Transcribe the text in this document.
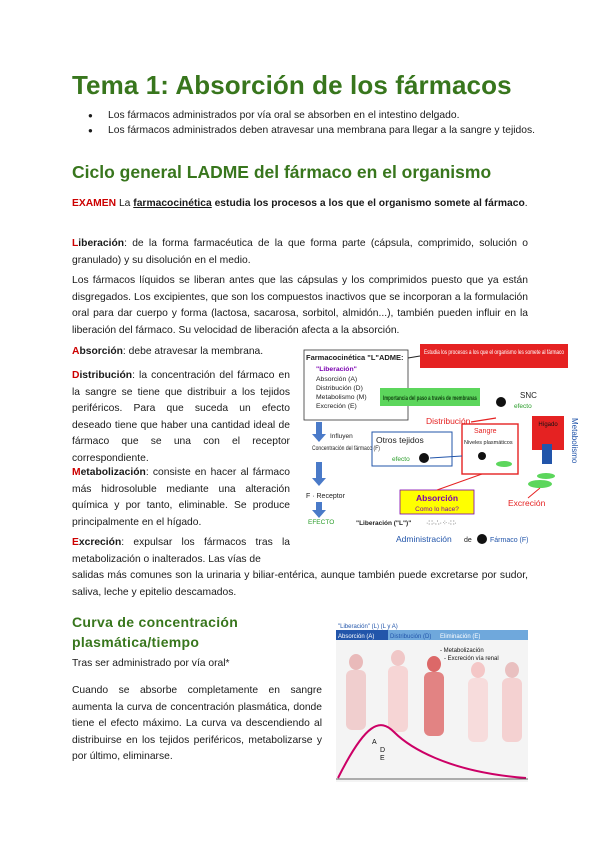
Tema 1: Absorción de los fármacos
● Los fármacos administrados por vía oral se absorben en el intestino delgado.
● Los fármacos administrados deben atravesar una membrana para llegar a la sangre y tejidos.
Ciclo general LADME del fármaco en el organismo
EXAMEN La farmacocinética estudia los procesos a los que el organismo somete al fármaco.
Liberación: de la forma farmacéutica de la que forma parte (cápsula, comprimido, solución o granulado) y su disolución en el medio.
Los fármacos líquidos se liberan antes que las cápsulas y los comprimidos puesto que ya están disgregados. Los excipientes, que son los compuestos inactivos que se incorporan a la formulación oral para dar cuerpo y forma (lactosa, sacarosa, sorbitol, almidón...), también pueden influir en la liberación del fármaco. Su velocidad de liberación afecta a la absorción.
Absorción: debe atravesar la membrana.
Distribución: la concentración del fármaco en la sangre se tiene que distribuir a los tejidos periféricos. Para que suceda un efecto deseado tiene que haber una cantidad ideal de fármaco que se una con el receptor correspondiente.
Metabolización: consiste en hacer al fármaco más hidrosoluble mediante una alteración química y por tanto, eliminable. Se produce principalmente en el hígado.
Excreción: expulsar los fármacos tras la metabolización o inalterados. Las vías de
salidas más comunes son la urinaria y biliar-entérica, aunque también puede excretarse por sudor, saliva, leche y epitelio descamados.
Farmacocinética "L"ADME:
"Liberación"
Absorción (A)
Distribución (D)
Metabolismo (M)
Excreción (E)
Estudia los procesos a los que el organismo les somete al fármaco
Importancia del paso a través de membranas	SNC
efecto
Distribución
Sangre
Niveles plasmáticos
Otros tejidos
efecto
Hígado Metabolismo
Influyen
Concentración del fármaco (F)
F · Receptor
EFECTO
Absorción
Como lo hace?
Excreción
"Liberación ("L")" ·∷·∴·⁘·∷·
Administración de	Fármaco (F)
Curva de concentración plasmática/tiempo
Tras ser administrado por vía oral*
Cuando se absorbe completamente en sangre aumenta la curva de concentración plasmática, donde tiene el efecto máximo. La curva va descendiendo al distribuirse en los tejidos periféricos, metabolizarse y por último, eliminarse.
"Liberación" (L) (L y A)
Absorción (A)	Distribución (D) Eliminación (E)
- Metabolización
- Excreción vía renal
A
D
E
